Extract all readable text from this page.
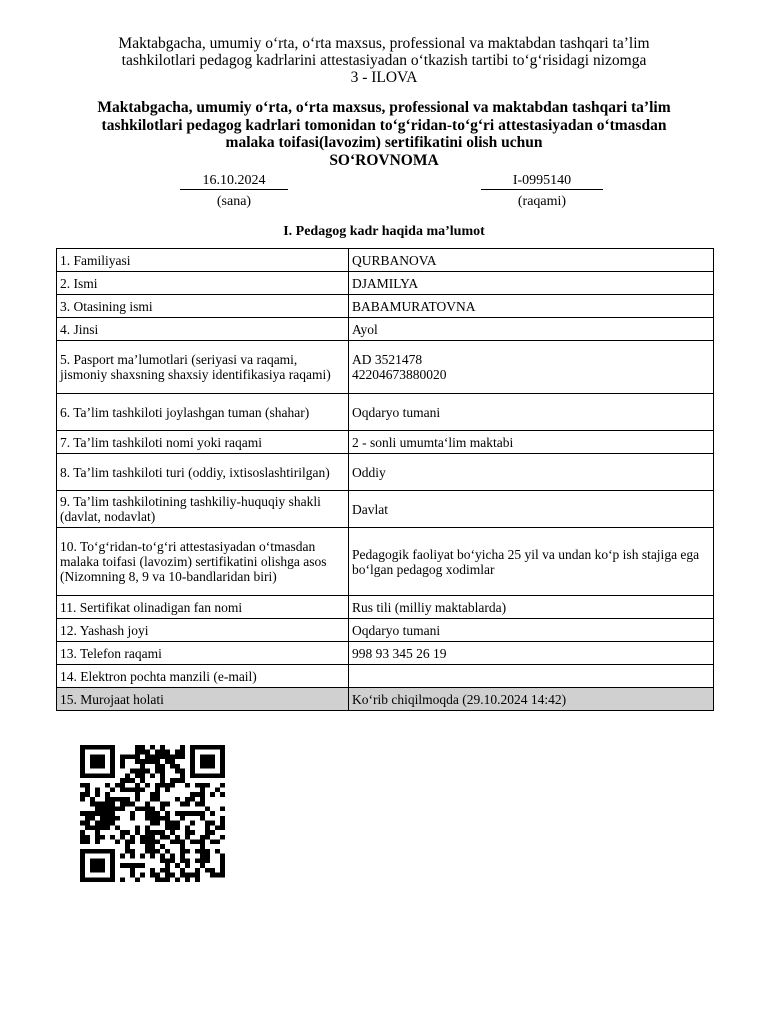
Maktabgacha, umumiy o‘rta, o‘rta maxsus, professional va maktabdan tashqari ta’lim
tashkilotlari pedagog kadrlarini attestasiyadan o‘tkazish tartibi to‘g‘risidagi nizomga
3 - ILOVA
Maktabgacha, umumiy o‘rta, o‘rta maxsus, professional va maktabdan tashqari ta’lim
tashkilotlari pedagog kadrlari tomonidan to‘g‘ridan-to‘g‘ri attestasiyadan o‘tmasdan
malaka toifasi(lavozim) sertifikatini olish uchun
SO‘ROVNOMA
16.10.2024
(sana)
I-0995140
(raqami)
I. Pedagog kadr haqida ma’lumot
1. Familiyasi	QURBANOVA
2. Ismi	DJAMILYA
3. Otasining ismi	BABAMURATOVNA
4. Jinsi	Ayol
5. Pasport ma’lumotlari (seriyasi va raqami, jismoniy shaxsning shaxsiy identifikasiya raqami)	AD 3521478
42204673880020

6. Ta’lim tashkiloti joylashgan tuman (shahar)	Oqdaryo tumani
7. Ta’lim tashkiloti nomi yoki raqami	2 - sonli umumta‘lim maktabi
8. Ta’lim tashkiloti turi (oddiy, ixtisoslashtirilgan)	Oddiy
9. Ta’lim tashkilotining tashkiliy-huquqiy shakli (davlat, nodavlat)	Davlat
10. To‘g‘ridan-to‘g‘ri attestasiyadan o‘tmasdan malaka toifasi (lavozim) sertifikatini olishga asos (Nizomning 8, 9 va 10-bandlaridan biri)	Pedagogik faoliyat bo‘yicha 25 yil va undan ko‘p ish stajiga ega bo‘lgan pedagog xodimlar
11. Sertifikat olinadigan fan nomi	Rus tili (milliy maktablarda)
12. Yashash joyi	Oqdaryo tumani
13. Telefon raqami	998 93 345 26 19
14. Elektron pochta manzili (e-mail)	
15. Murojaat holati	Ko‘rib chiqilmoqda (29.10.2024 14:42)
